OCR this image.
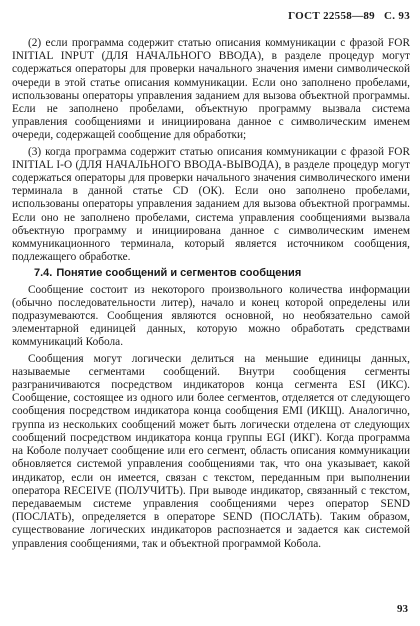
ГОСТ 22558—89 С. 93

(2) если программа содержит статью описания коммуникации с фразой FOR INITIAL INPUT (ДЛЯ НАЧАЛЬНОГО ВВОДА), в разделе процедур могут содержаться операторы для проверки начального значения имени символической очереди в этой статье описания коммуникации. Если оно заполнено пробелами, использованы операторы управления заданием для вызова объектной программы. Если не заполнено пробелами, объектную программу вызвала система управления сообщениями и инициирована данное с символическим именем очереди, содержащей сообщение для обработки;

(3) когда программа содержит статью описания коммуникации с фразой FOR INITIAL I-O (ДЛЯ НАЧАЛЬНОГО ВВОДА-ВЫВОДА), в разделе процедур могут содержаться операторы для проверки начального значения символического имени терминала в данной статье CD (ОК). Если оно заполнено пробелами, использованы операторы управления заданием для вызова объектной программы. Если оно не заполнено пробелами, система управления сообщениями вызвала объектную программу и инициирована данное с символическим именем коммуникационного терминала, который является источником сообщения, подлежащего обработке.

7.4. Понятие сообщений и сегментов сообщения

Сообщение состоит из некоторого произвольного количества информации (обычно последовательности литер), начало и конец которой определены или подразумеваются. Сообщения являются основной, но необязательно самой элементарной единицей данных, которую можно обработать средствами коммуникаций Кобола.

Сообщения могут логически делиться на меньшие единицы данных, называемые сегментами сообщений. Внутри сообщения сегменты разграничиваются посредством индикаторов конца сегмента ESI (ИКС). Сообщение, состоящее из одного или более сегментов, отделяется от следующего сообщения посредством индикатора конца сообщения EMI (ИКЩ). Аналогично, группа из нескольких сообщений может быть логически отделена от следующих сообщений посредством индикатора конца группы EGI (ИКГ). Когда программа на Коболе получает сообщение или его сегмент, область описания коммуникации обновляется системой управления сообщениями так, что она указывает, какой индикатор, если он имеется, связан с текстом, переданным при выполнении оператора RECEIVE (ПОЛУЧИТЬ). При выводе индикатор, связанный с текстом, передаваемым системе управления сообщениями через оператор SEND (ПОСЛАТЬ), определяется в операторе SEND (ПОСЛАТЬ). Таким образом, существование логических индикаторов распознается и задается как системой управления сообщениями, так и объектной программой Кобола.

93
